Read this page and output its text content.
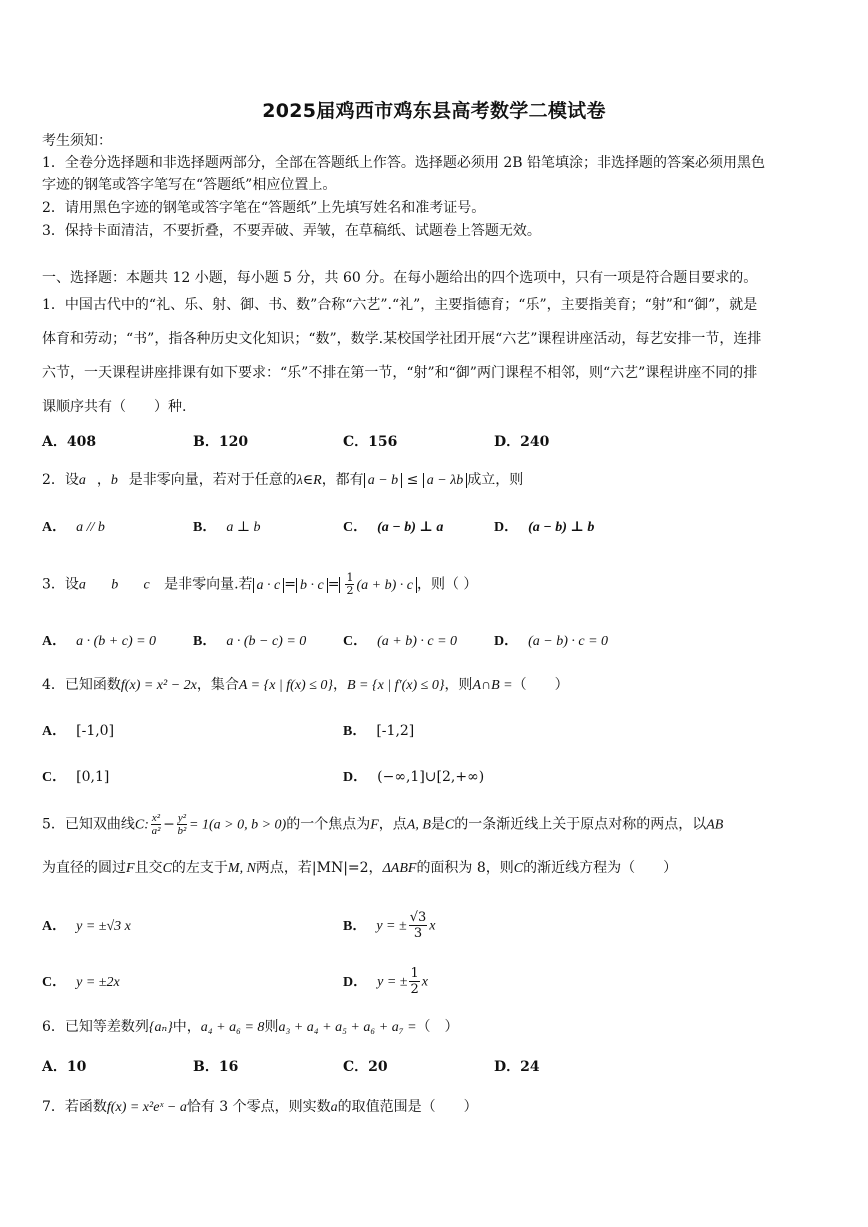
2025届鸡西市鸡东县高考数学二模试卷
考生须知：
1．全卷分选择题和非选择题两部分，全部在答题纸上作答。选择题必须用 2B 铅笔填涂；非选择题的答案必须用黑色
字迹的钢笔或答字笔写在“答题纸”相应位置上。
2．请用黑色字迹的钢笔或答字笔在“答题纸”上先填写姓名和准考证号。
3．保持卡面清洁，不要折叠，不要弄破、弄皱，在草稿纸、试题卷上答题无效。
一、选择题：本题共 12 小题，每小题 5 分，共 60 分。在每小题给出的四个选项中，只有一项是符合题目要求的。
1．中国古代中的“礼、乐、射、御、书、数”合称“六艺”.“礼”，主要指德育；“乐”，主要指美育；“射”和“御”，就是
体育和劳动；“书”，指各种历史文化知识；“数”，数学.某校国学社团开展“六艺”课程讲座活动，每艺安排一节，连排
六节，一天课程讲座排课有如下要求：“乐”不排在第一节，“射”和“御”两门课程不相邻，则“六艺”课程讲座不同的排
课顺序共有（　　）种.
A．408	B．120	C．156	D．240
2．设a⃗，b⃗是非零向量，若对于任意的λ∈R，都有 a − b ≤ a − λb 成立，则
A． a // b	B． a ⊥ b	C． (a − b) ⊥ a	D． (a − b) ⊥ b
3．设a⃗ ，b⃗ ，c⃗ 是非零向量.若 $a \cdot c = b \cdot c = \frac{1}{2} (a + b) \cdot c$ ，则（ ）
A． a · (b + c) = 0	B． a · (b − c) = 0	C． (a + b) · c = 0	D． (a − b) · c = 0
4．已知函数f(x) = x² − 2x，集合A = {x | f(x) ≤ 0}，B = {x | f′(x) ≤ 0}，则A∩B =（　　）
A． [-1,0]	B． [-1,2]
C． [0,1]	D． (−∞,1]∪[2,+∞)
5．已知双曲线C: $\frac{\text{x²}}{\text{a²}} - \frac{\text{y²}}{\text{b²}} = 1(a > 0$, b > 0)的一个焦点为F，点A, B是C的一条渐近线上关于原点对称的两点，以AB
为直径的圆过F且交C的左支于M, N两点，若|MN|=2，ΔABF的面积为 8，则C的渐近线方程为（　　）
A． y = ±√3 x	B． y = ± $\frac{√3}{3}$ x
C． y = ±2x	D． y = ± $\frac{1}{2}$ x
6．已知等差数列{aₙ}中，a₄ + a₆ = 8则a₃ + a₄ + a₅ + a₆ + a₇ =（　）
A．10	B．16	C．20	D．24
7．若函数f(x) = x²eˣ − a恰有 3 个零点，则实数a的取值范围是（　　）
